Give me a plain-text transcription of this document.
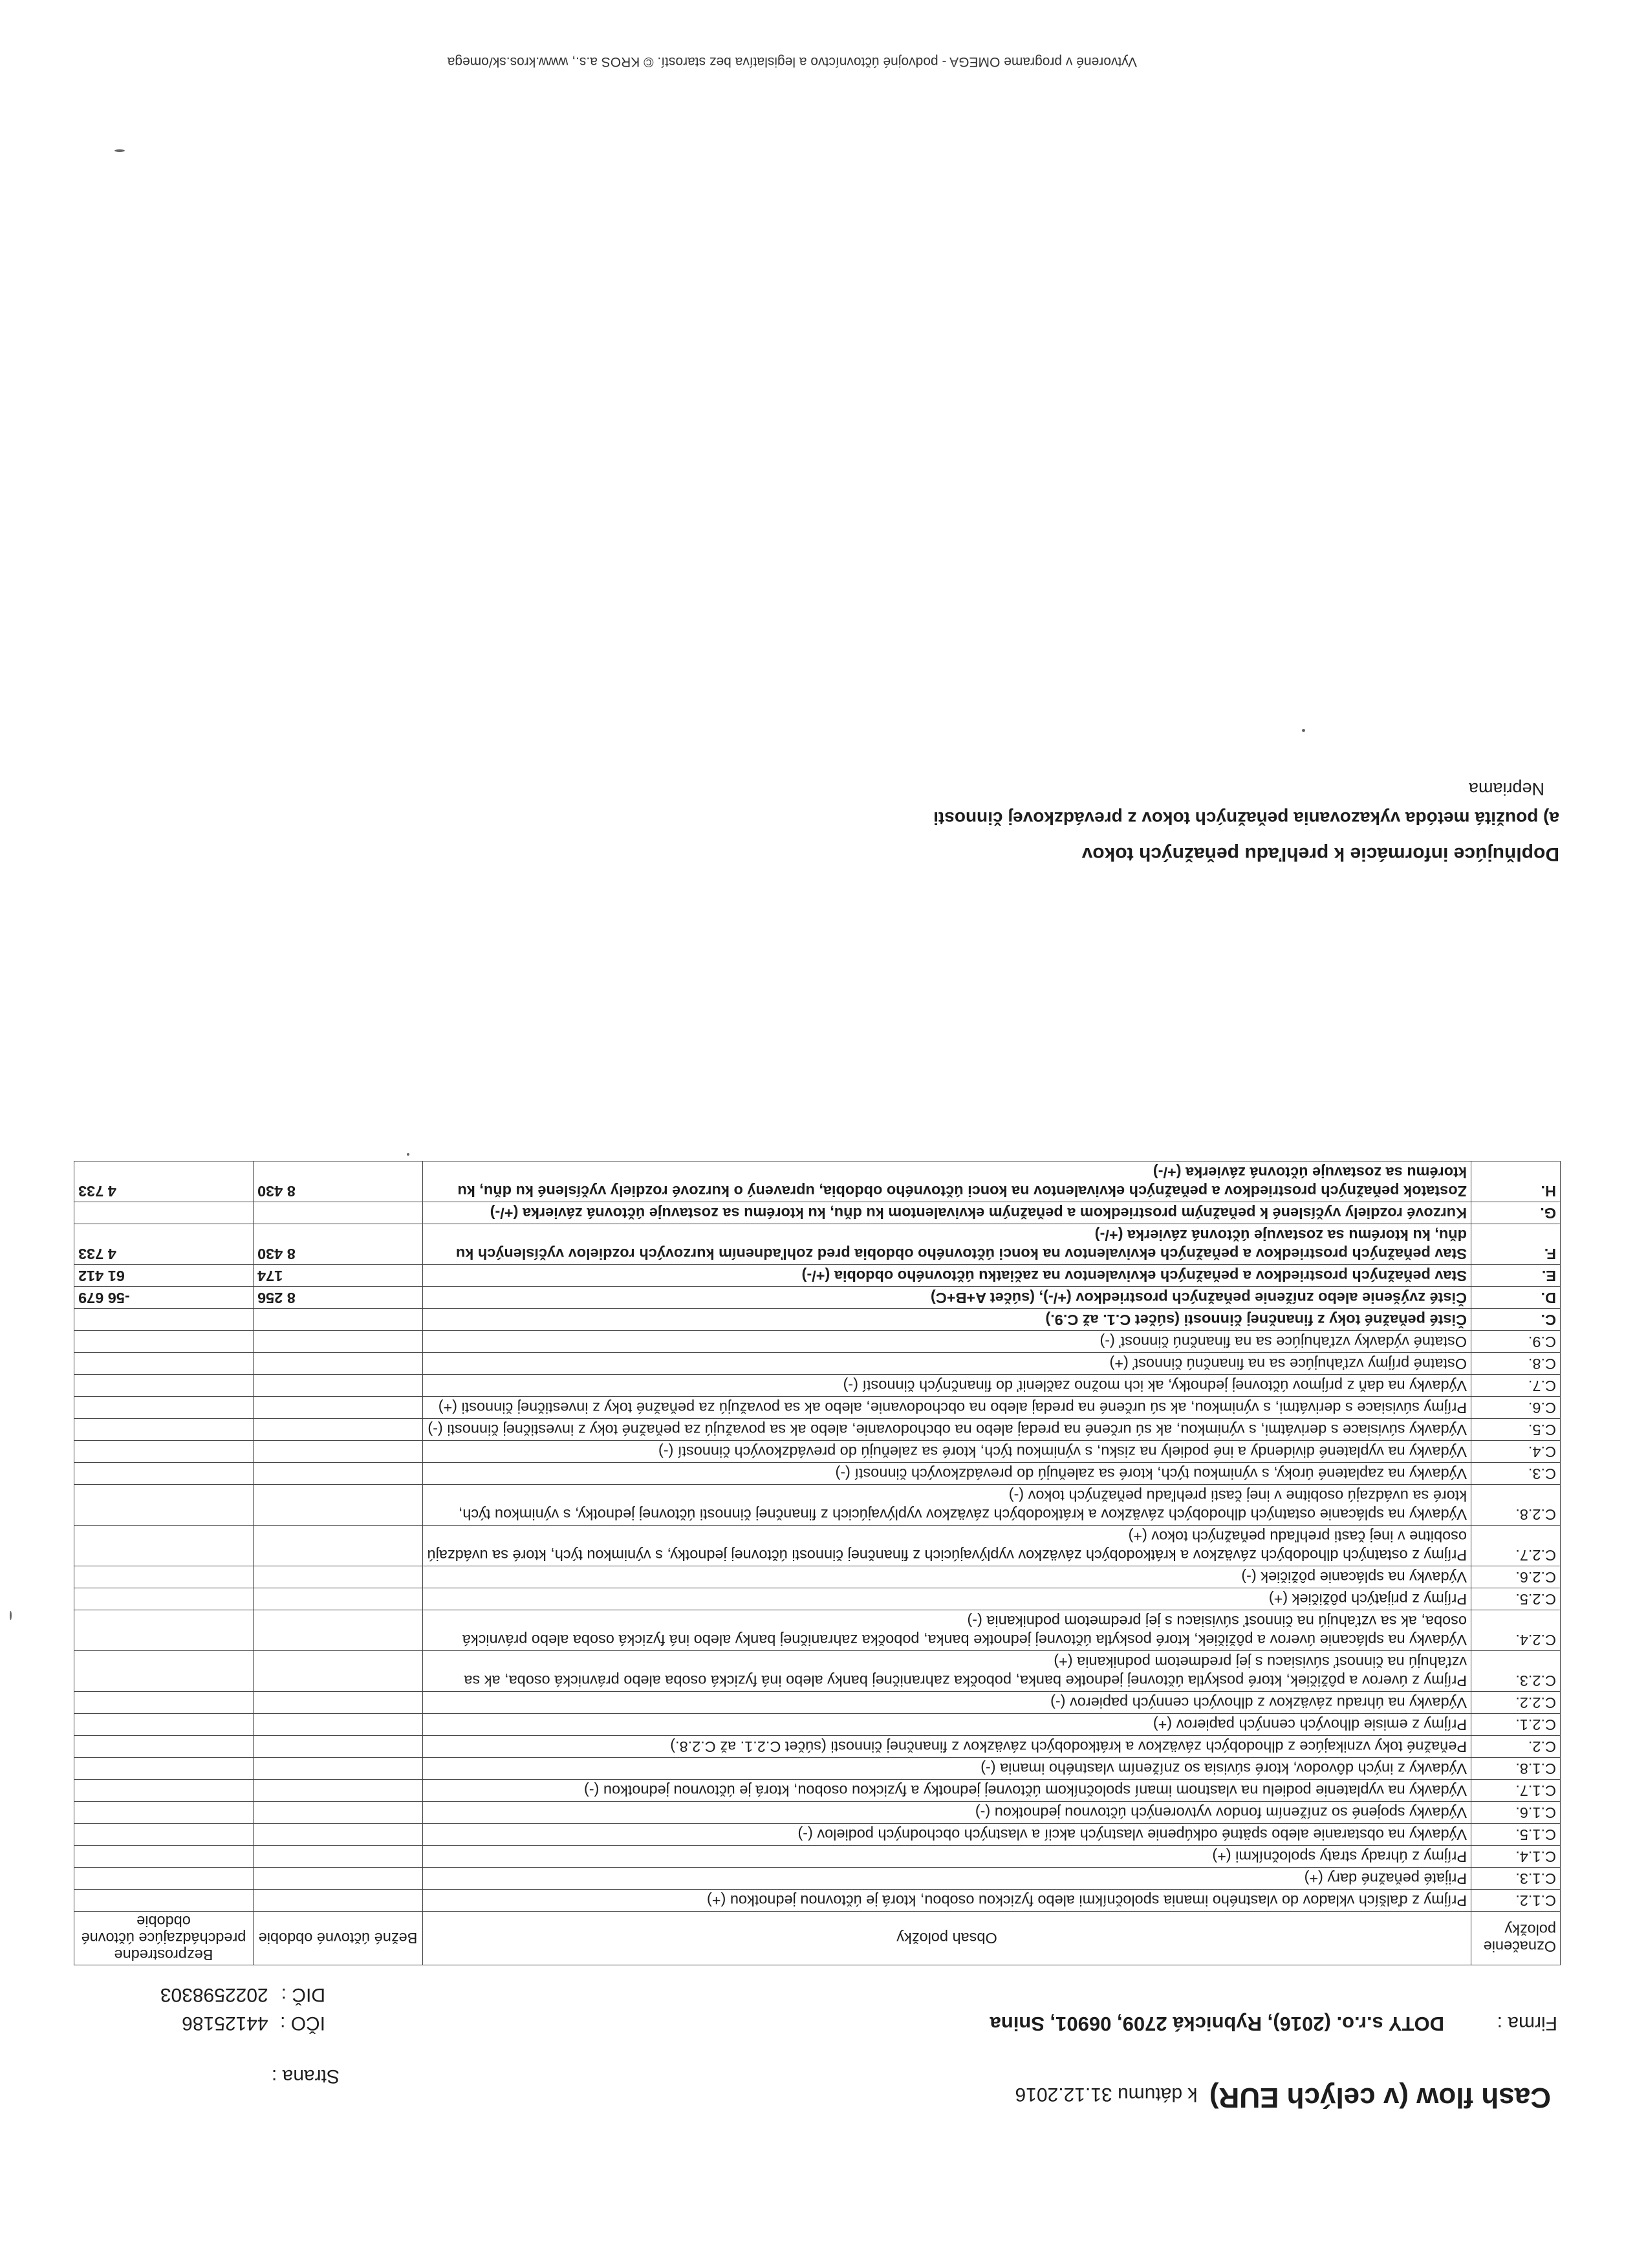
Cash flow (v celých EUR) k dátumu 31.12.2016
Strana :
Firma :
DOTY s.r.o. (2016), Rybnická 2709, 06901, Snina
IČO : 44125186
DIČ : 2022598303
Označenie položky	Obsah položky	Bežné účtovné obdobie	Bezprostredne predchádzajúce účtovné obdobie
C.1.2.	Príjmy z ďalších vkladov do vlastného imania spoločníkmi alebo fyzickou osobou, ktorá je účtovnou jednotkou (+)		
C.1.3.	Prijaté peňažné dary (+)		
C.1.4.	Príjmy z úhrady straty spoločníkmi (+)		
C.1.5.	Výdavky na obstaranie alebo spätné odkúpenie vlastných akcií a vlastných obchodných podielov (-)		
C.1.6.	Výdavky spojené so znížením fondov vytvorených účtovnou jednotkou (-)		
C.1.7.	Výdavky na vyplatenie podielu na vlastnom imaní spoločníkom účtovnej jednotky a fyzickou osobou, ktorá je účtovnou jednotkou (-)		
C.1.8.	Výdavky z iných dôvodov, ktoré súvisia so znížením vlastného imania (-)		
C.2.	Peňažné toky vznikajúce z dlhodobých záväzkov a krátkodobých záväzkov z finančnej činnosti (súčet C.2.1. až C.2.8.)		
C.2.1.	Príjmy z emisie dlhových cenných papierov (+)		
C.2.2.	Výdavky na úhradu záväzkov z dlhových cenných papierov (-)		
C.2.3.	Príjmy z úverov a pôžičiek, ktoré poskytla účtovnej jednotke banka, pobočka zahraničnej banky alebo iná fyzická osoba alebo právnická osoba, ak sa vzťahujú na činnosť súvisiacu s jej predmetom podnikania (+)		
C.2.4.	Výdavky na splácanie úverov a pôžičiek, ktoré poskytla účtovnej jednotke banka, pobočka zahraničnej banky alebo iná fyzická osoba alebo právnická osoba, ak sa vzťahujú na činnosť súvisiacu s jej predmetom podnikania (-)		
C.2.5.	Príjmy z prijatých pôžičiek (+)		
C.2.6.	Výdavky na splácanie pôžičiek (-)		
C.2.7.	Príjmy z ostatných dlhodobých záväzkov a krátkodobých záväzkov vyplývajúcich z finančnej činnosti účtovnej jednotky, s výnimkou tých, ktoré sa uvádzajú osobitne v inej časti prehľadu peňažných tokov (+)		
C.2.8.	Výdavky na splácanie ostatných dlhodobých záväzkov a krátkodobých záväzkov vyplývajúcich z finančnej činnosti účtovnej jednotky, s výnimkou tých, ktoré sa uvádzajú osobitne v inej časti prehľadu peňažných tokov (-)		
C.3.	Výdavky na zaplatené úroky, s výnimkou tých, ktoré sa zaleňujú do prevádzkových činností (-)		
C.4.	Výdavky na vyplatené dividendy a iné podiely na zisku, s výnimkou tých, ktoré sa zaleňujú do prevádzkových činností (-)		
C.5.	Výdavky súvisiace s derivátmi, s výnimkou, ak sú určené na predaj alebo na obchodovanie, alebo ak sa považujú za peňažné toky z investičnej činnosti (-)		
C.6.	Príjmy súvisiace s derivátmi, s výnimkou, ak sú určené na predaj alebo na obchodovanie, alebo ak sa považujú za peňažné toky z investičnej činnosti (+)		
C.7.	Výdavky na daň z príjmov účtovnej jednotky, ak ich možno začleniť do finančných činností (-)		
C.8.	Ostatné príjmy vzťahujúce sa na finančnú činnosť (+)		
C.9.	Ostatné výdavky vzťahujúce sa na finančnú činnosť (-)		
C.	Čisté peňažné toky z finančnej činnosti (súčet C.1. až C.9.)		
D.	Čisté zvýšenie alebo zníženie peňažných prostriedkov (+/-), (súčet A+B+C)	8 256	-56 679
E.	Stav peňažných prostriedkov a peňažných ekvivalentov na začiatku účtovného obdobia (+/-)	174	61 412
F.	Stav peňažných prostriedkov a peňažných ekvivalentov na konci účtovného obdobia pred zohľadnením kurzových rozdielov vyčíslených ku dňu, ku ktorému sa zostavuje účtovná závierka (+/-)	8 430	4 733
G.	Kurzové rozdiely vyčíslené k peňažným prostriedkom a peňažným ekvivalentom ku dňu, ku ktorému sa zostavuje účtovná závierka (+/-)		
H.	Zostatok peňažných prostriedkov a peňažných ekvivalentov na konci účtovného obdobia, upravený o kurzové rozdiely vyčíslené ku dňu, ku ktorému sa zostavuje účtovná závierka (+/-)	8 430	4 733
Doplňujúce informácie k prehľadu peňažných tokov
a) použitá metóda vykazovania peňažných tokov z prevádzkovej činnosti
Nepriama
Vytvorené v programe OMEGA - podvojné účtovníctvo a legislatíva bez starostí. © KROS a.s., www.kros.sk/omega
